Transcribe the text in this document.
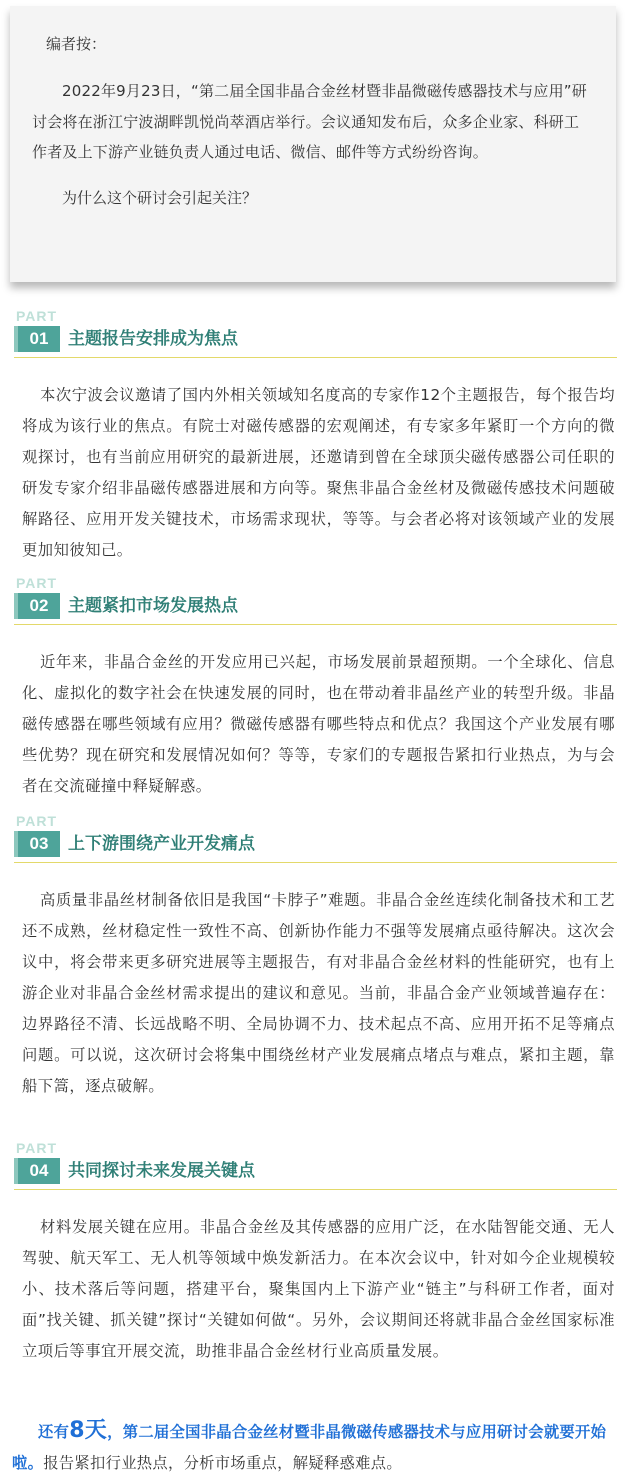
编者按：

2022年9月23日，“第二届全国非晶合金丝材暨非晶微磁传感器技术与应用”研讨会将在浙江宁波湖畔凯悦尚萃酒店举行。会议通知发布后，众多企业家、科研工作者及上下游产业链负责人通过电话、微信、邮件等方式纷纷咨询。

为什么这个研讨会引起关注？

PART
01	主题报告安排成为焦点

本次宁波会议邀请了国内外相关领域知名度高的专家作12个主题报告，每个报告均将成为该行业的焦点。有院士对磁传感器的宏观阐述，有专家多年紧盯一个方向的微观探讨，也有当前应用研究的最新进展，还邀请到曾在全球顶尖磁传感器公司任职的研发专家介绍非晶磁传感器进展和方向等。聚焦非晶合金丝材及微磁传感技术问题破解路径、应用开发关键技术，市场需求现状，等等。与会者必将对该领域产业的发展更加知彼知己。

PART
02	主题紧扣市场发展热点

近年来，非晶合金丝的开发应用已兴起，市场发展前景超预期。一个全球化、信息化、虚拟化的数字社会在快速发展的同时，也在带动着非晶丝产业的转型升级。非晶磁传感器在哪些领域有应用？微磁传感器有哪些特点和优点？我国这个产业发展有哪些优势？现在研究和发展情况如何？等等，专家们的专题报告紧扣行业热点，为与会者在交流碰撞中释疑解惑。

PART
03	上下游围绕产业开发痛点

高质量非晶丝材制备依旧是我国“卡脖子”难题。非晶合金丝连续化制备技术和工艺还不成熟，丝材稳定性一致性不高、创新协作能力不强等发展痛点亟待解决。这次会议中，将会带来更多研究进展等主题报告，有对非晶合金丝材料的性能研究，也有上游企业对非晶合金丝材需求提出的建议和意见。当前，非晶合金产业领域普遍存在：边界路径不清、长远战略不明、全局协调不力、技术起点不高、应用开拓不足等痛点问题。可以说，这次研讨会将集中围绕丝材产业发展痛点堵点与难点，紧扣主题，靠船下篙，逐点破解。

PART
04	共同探讨未来发展关键点

材料发展关键在应用。非晶合金丝及其传感器的应用广泛，在水陆智能交通、无人驾驶、航天军工、无人机等领域中焕发新活力。在本次会议中，针对如今企业规模较小、技术落后等问题，搭建平台，聚集国内上下游产业“链主”与科研工作者，面对面”找关键、抓关键”探讨“关键如何做“。另外，会议期间还将就非晶合金丝国家标准立项后等事宜开展交流，助推非晶合金丝材行业高质量发展。

还有8天，第二届全国非晶合金丝材暨非晶微磁传感器技术与应用研讨会就要开始啦。报告紧扣行业热点，分析市场重点，解疑释惑难点。
